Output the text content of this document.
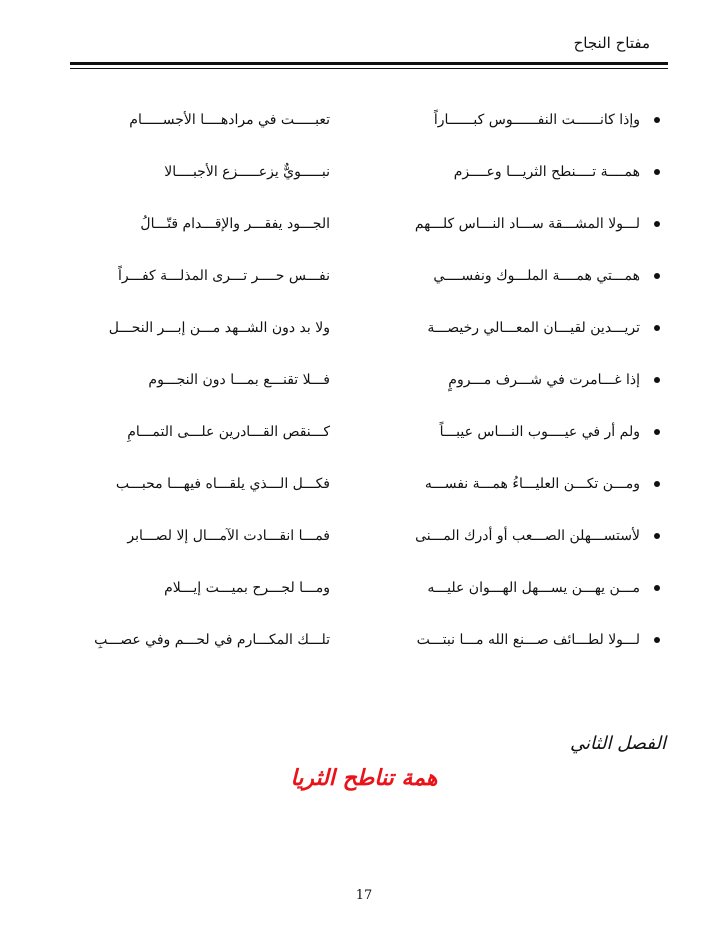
مفتاح النجاح
وإذا كانــــــت النفــــــوس كبــــــاراً
تعبـــــت في مرادهــــا الأجســـــام
همــــة تــــنطح الثريـــا وعــــزم
نبـــــويٌّ يزعـــــزع الأجبــــالا
لـــولا المشـــقة ســـاد النـــاس كلـــهم
الجـــود يفقـــر والإقـــدام قتّـــالُ
همـــتي همــــة الملـــوك ونفســــي
نفـــس حــــر تـــرى المذلـــة كفـــراً
تريـــدين لقيـــان المعـــالي رخيصـــة
ولا بد دون الشــهد مـــن إبـــر النحـــل
إذا غـــامرت في شـــرف مـــرومٍ
فـــلا تقنـــع بمـــا دون النجـــوم
ولم أر في عيــــوب النـــاس عيبـــاً
كـــنقص القـــادرين علـــى التمـــامِ
ومـــن تكـــن العليـــاءُ همـــة نفســـه
فكـــل الـــذي يلقـــاه فيهـــا محبـــب
لأستســـهلن الصـــعب أو أدرك المـــنى
فمـــا انقـــادت الآمـــال إلا لصـــابر
مـــن يهـــن يســـهل الهـــوان عليـــه
ومـــا لجـــرح بميـــت إيـــلام
لـــولا لطـــائف صـــنع الله مـــا نبتـــت
تلـــك المكـــارم في لحـــم وفي عصـــبِ
الفصل الثاني
همة تناطح الثريا
17
